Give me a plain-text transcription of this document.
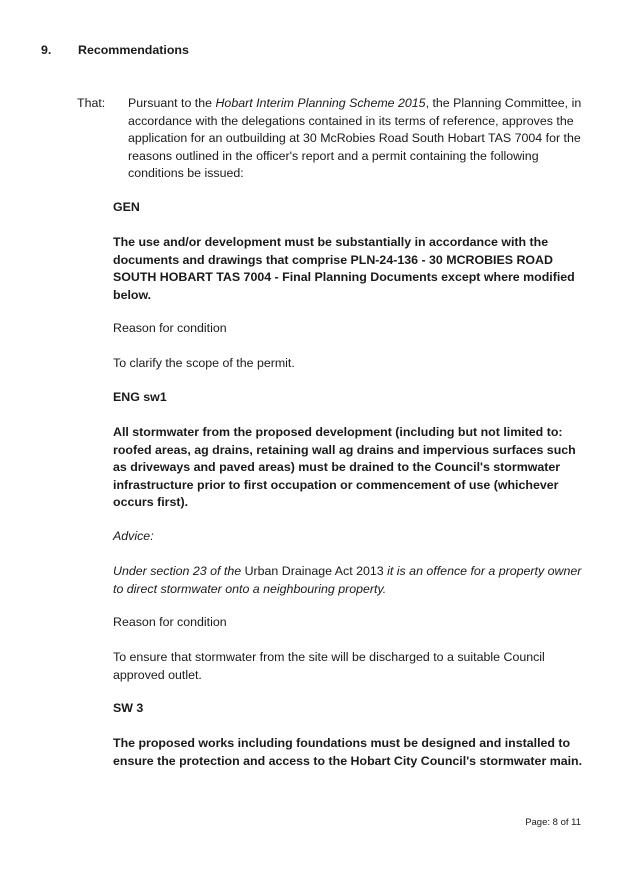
9. Recommendations
That: Pursuant to the Hobart Interim Planning Scheme 2015, the Planning Committee, in accordance with the delegations contained in its terms of reference, approves the application for an outbuilding at 30 McRobies Road South Hobart TAS 7004 for the reasons outlined in the officer's report and a permit containing the following conditions be issued:
GEN
The use and/or development must be substantially in accordance with the documents and drawings that comprise PLN-24-136 - 30 MCROBIES ROAD SOUTH HOBART TAS 7004 - Final Planning Documents except where modified below.
Reason for condition
To clarify the scope of the permit.
ENG sw1
All stormwater from the proposed development (including but not limited to: roofed areas, ag drains, retaining wall ag drains and impervious surfaces such as driveways and paved areas) must be drained to the Council's stormwater infrastructure prior to first occupation or commencement of use (whichever occurs first).
Advice:
Under section 23 of the Urban Drainage Act 2013 it is an offence for a property owner to direct stormwater onto a neighbouring property.
Reason for condition
To ensure that stormwater from the site will be discharged to a suitable Council approved outlet.
SW 3
The proposed works including foundations must be designed and installed to ensure the protection and access to the Hobart City Council's stormwater main.
Page: 8 of 11
